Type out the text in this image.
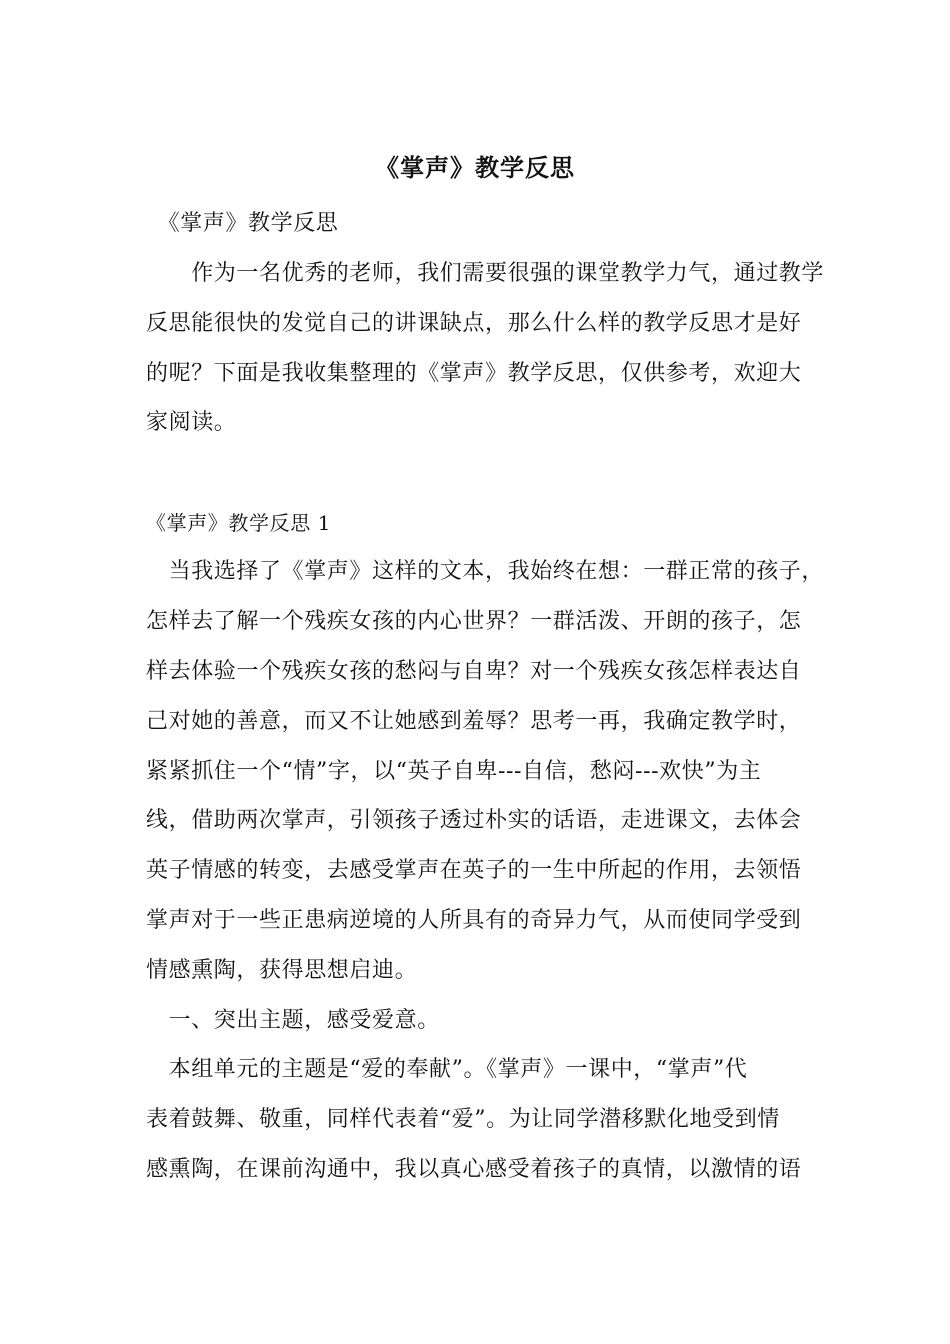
《掌声》教学反思
　《掌声》教学反思
　　作为一名优秀的老师，我们需要很强的课堂教学力气，通过教学
反思能很快的发觉自己的讲课缺点，那么什么样的教学反思才是好
的呢？下面是我收集整理的《掌声》教学反思，仅供参考，欢迎大
家阅读。
《掌声》教学反思 1
　当我选择了《掌声》这样的文本，我始终在想：一群正常的孩子，
怎样去了解一个残疾女孩的内心世界？一群活泼、开朗的孩子，怎
样去体验一个残疾女孩的愁闷与自卑？对一个残疾女孩怎样表达自
己对她的善意，而又不让她感到羞辱？思考一再，我确定教学时，
紧紧抓住一个“情”字，以“英子自卑---自信，愁闷---欢快”为主
线，借助两次掌声，引领孩子透过朴实的话语，走进课文，去体会
英子情感的转变，去感受掌声在英子的一生中所起的作用，去领悟
掌声对于一些正患病逆境的人所具有的奇异力气，从而使同学受到
情感熏陶，获得思想启迪。
　一、突出主题，感受爱意。
　本组单元的主题是“爱的奉献”。《掌声》一课中，“掌声”代
表着鼓舞、敬重，同样代表着“爱”。为让同学潜移默化地受到情
感熏陶，在课前沟通中，我以真心感受着孩子的真情，以激情的语
